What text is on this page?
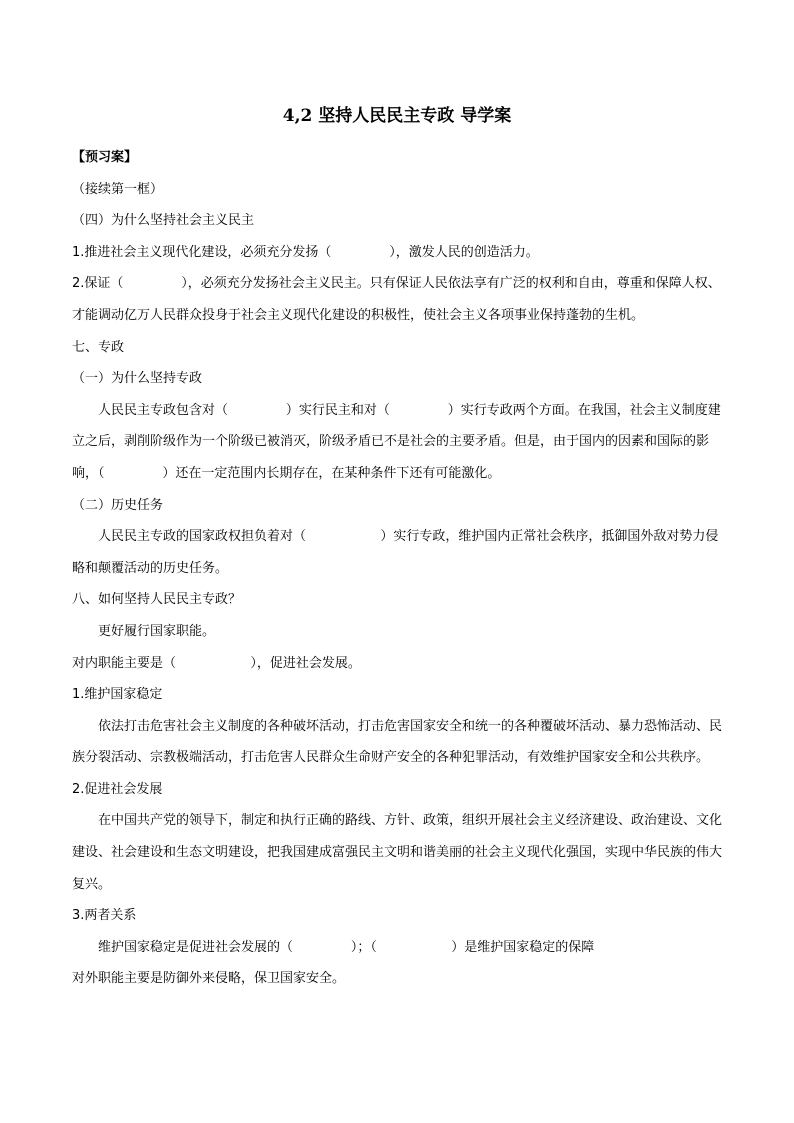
4,2 坚持人民民主专政 导学案

【预习案】

（接续第一框）

（四）为什么坚持社会主义民主

1.推进社会主义现代化建设，必须充分发扬（              ），激发人民的创造活力。

2.保证（              ），必须充分发扬社会主义民主。只有保证人民依法享有广泛的权利和自由，尊重和保障人权、才能调动亿万人民群众投身于社会主义现代化建设的积极性，使社会主义各项事业保持蓬勃的生机。

七、专政

（一）为什么坚持专政

人民民主专政包含对（              ）实行民主和对（              ）实行专政两个方面。在我国，社会主义制度建立之后，剥削阶级作为一个阶级已被消灭，阶级矛盾已不是社会的主要矛盾。但是，由于国内的因素和国际的影响，（              ）还在一定范围内长期存在，在某种条件下还有可能激化。

（二）历史任务

人民民主专政的国家政权担负着对（                  ）实行专政，维护国内正常社会秩序，抵御国外敌对势力侵略和颠覆活动的历史任务。

八、如何坚持人民民主专政？

更好履行国家职能。

对内职能主要是（                  ），促进社会发展。

1.维护国家稳定

依法打击危害社会主义制度的各种破坏活动，打击危害国家安全和统一的各种覆破坏活动、暴力恐怖活动、民族分裂活动、宗教极端活动，打击危害人民群众生命财产安全的各种犯罪活动，有效维护国家安全和公共秩序。

2.促进社会发展

在中国共产党的领导下，制定和执行正确的路线、方针、政策，组织开展社会主义经济建设、政治建设、文化建设、社会建设和生态文明建设，把我国建成富强民主文明和谐美丽的社会主义现代化强国，实现中华民族的伟大复兴。

3.两者关系

维护国家稳定是促进社会发展的（              ）；（                  ）是维护国家稳定的保障

对外职能主要是防御外来侵略，保卫国家安全。
